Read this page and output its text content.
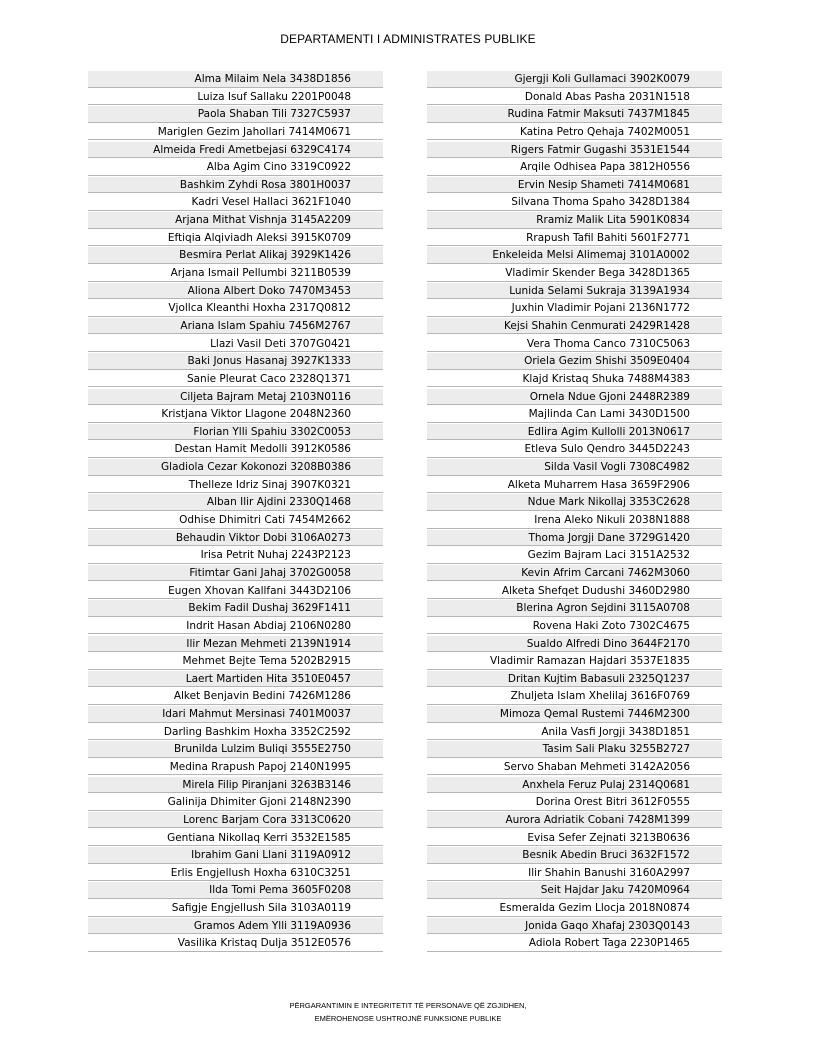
DEPARTAMENTI I ADMINISTRATES PUBLIKE
Alma Milaim Nela 3438D1856
Luiza Isuf Sallaku 2201P0048
Paola Shaban Tili 7327C5937
Mariglen Gezim Jahollari 7414M0671
Almeida Fredi Ametbejasi 6329C4174
Alba Agim Cino 3319C0922
Bashkim Zyhdi Rosa 3801H0037
Kadri Vesel Hallaci 3621F1040
Arjana Mithat Vishnja 3145A2209
Eftiqia Alqiviadh Aleksi 3915K0709
Besmira Perlat Alikaj 3929K1426
Arjana Ismail Pellumbi 3211B0539
Aliona Albert Doko 7470M3453
Vjollca Kleanthi Hoxha 2317Q0812
Ariana Islam Spahiu 7456M2767
Llazi Vasil Deti 3707G0421
Baki Jonus Hasanaj 3927K1333
Sanie Pleurat Caco 2328Q1371
Ciljeta Bajram Metaj 2103N0116
Kristjana Viktor Llagone 2048N2360
Florian Ylli Spahiu 3302C0053
Destan Hamit Medolli 3912K0586
Gladiola Cezar Kokonozi 3208B0386
Thelleze Idriz Sinaj 3907K0321
Alban Ilir Ajdini 2330Q1468
Odhise Dhimitri Cati 7454M2662
Behaudin Viktor Dobi 3106A0273
Irisa Petrit Nuhaj 2243P2123
Fitimtar Gani Jahaj 3702G0058
Eugen Xhovan Kallfani 3443D2106
Bekim Fadil Dushaj 3629F1411
Indrit Hasan Abdiaj 2106N0280
Ilir Mezan Mehmeti 2139N1914
Mehmet Bejte Tema 5202B2915
Laert Martiden Hita 3510E0457
Alket Benjavin Bedini 7426M1286
Idari Mahmut Mersinasi 7401M0037
Darling Bashkim Hoxha 3352C2592
Brunilda Lulzim Buliqi 3555E2750
Medina Rrapush Papoj 2140N1995
Mirela Filip Piranjani 3263B3146
Galinija Dhimiter Gjoni 2148N2390
Lorenc Barjam Cora 3313C0620
Gentiana Nikollaq Kerri 3532E1585
Ibrahim Gani Llani 3119A0912
Erlis Engjellush Hoxha 6310C3251
Ilda Tomi Pema 3605F0208
Safigje Engjellush Sila 3103A0119
Gramos Adem Ylli 3119A0936
Vasilika Kristaq Dulja 3512E0576
Gjergji Koli Gullamaci 3902K0079
Donald Abas Pasha 2031N1518
Rudina Fatmir Maksuti 7437M1845
Katina Petro Qehaja 7402M0051
Rigers Fatmir Gugashi 3531E1544
Arqile Odhisea Papa 3812H0556
Ervin Nesip Shameti 7414M0681
Silvana Thoma Spaho 3428D1384
Rramiz Malik Lita 5901K0834
Rrapush Tafil Bahiti 5601F2771
Enkeleida Melsi Alimemaj 3101A0002
Vladimir Skender Bega 3428D1365
Lunida Selami Sukraja 3139A1934
Juxhin Vladimir Pojani 2136N1772
Kejsi Shahin Cenmurati 2429R1428
Vera Thoma Canco 7310C5063
Oriela Gezim Shishi 3509E0404
Klajd Kristaq Shuka 7488M4383
Ornela Ndue Gjoni 2448R2389
Majlinda Can Lami 3430D1500
Edlira Agim Kullolli 2013N0617
Etleva Sulo Qendro 3445D2243
Silda Vasil Vogli 7308C4982
Alketa Muharrem Hasa 3659F2906
Ndue Mark Nikollaj 3353C2628
Irena Aleko Nikuli 2038N1888
Thoma Jorgji Dane 3729G1420
Gezim Bajram Laci 3151A2532
Kevin Afrim Carcani 7462M3060
Alketa Shefqet Dudushi 3460D2980
Blerina Agron Sejdini 3115A0708
Rovena Haki Zoto 7302C4675
Sualdo Alfredi Dino 3644F2170
Vladimir Ramazan Hajdari 3537E1835
Dritan Kujtim Babasuli 2325Q1237
Zhuljeta Islam Xhelilaj 3616F0769
Mimoza Qemal Rustemi 7446M2300
Anila Vasfi Jorgji 3438D1851
Tasim Sali Plaku 3255B2727
Servo Shaban Mehmeti 3142A2056
Anxhela Feruz Pulaj 2314Q0681
Dorina Orest Bitri 3612F0555
Aurora Adriatik Cobani 7428M1399
Evisa Sefer Zejnati 3213B0636
Besnik Abedin Bruci 3632F1572
Ilir Shahin Banushi 3160A2997
Seit Hajdar Jaku 7420M0964
Esmeralda Gezim Llocja 2018N0874
Jonida Gaqo Xhafaj 2303Q0143
Adiola Robert Taga 2230P1465
PËRGARANTIMIN E INTEGRITETIT TË PERSONAVE QË ZGJIDHEN,
EMËROHENOSE USHTROJNË FUNKSIONE PUBLIKE
